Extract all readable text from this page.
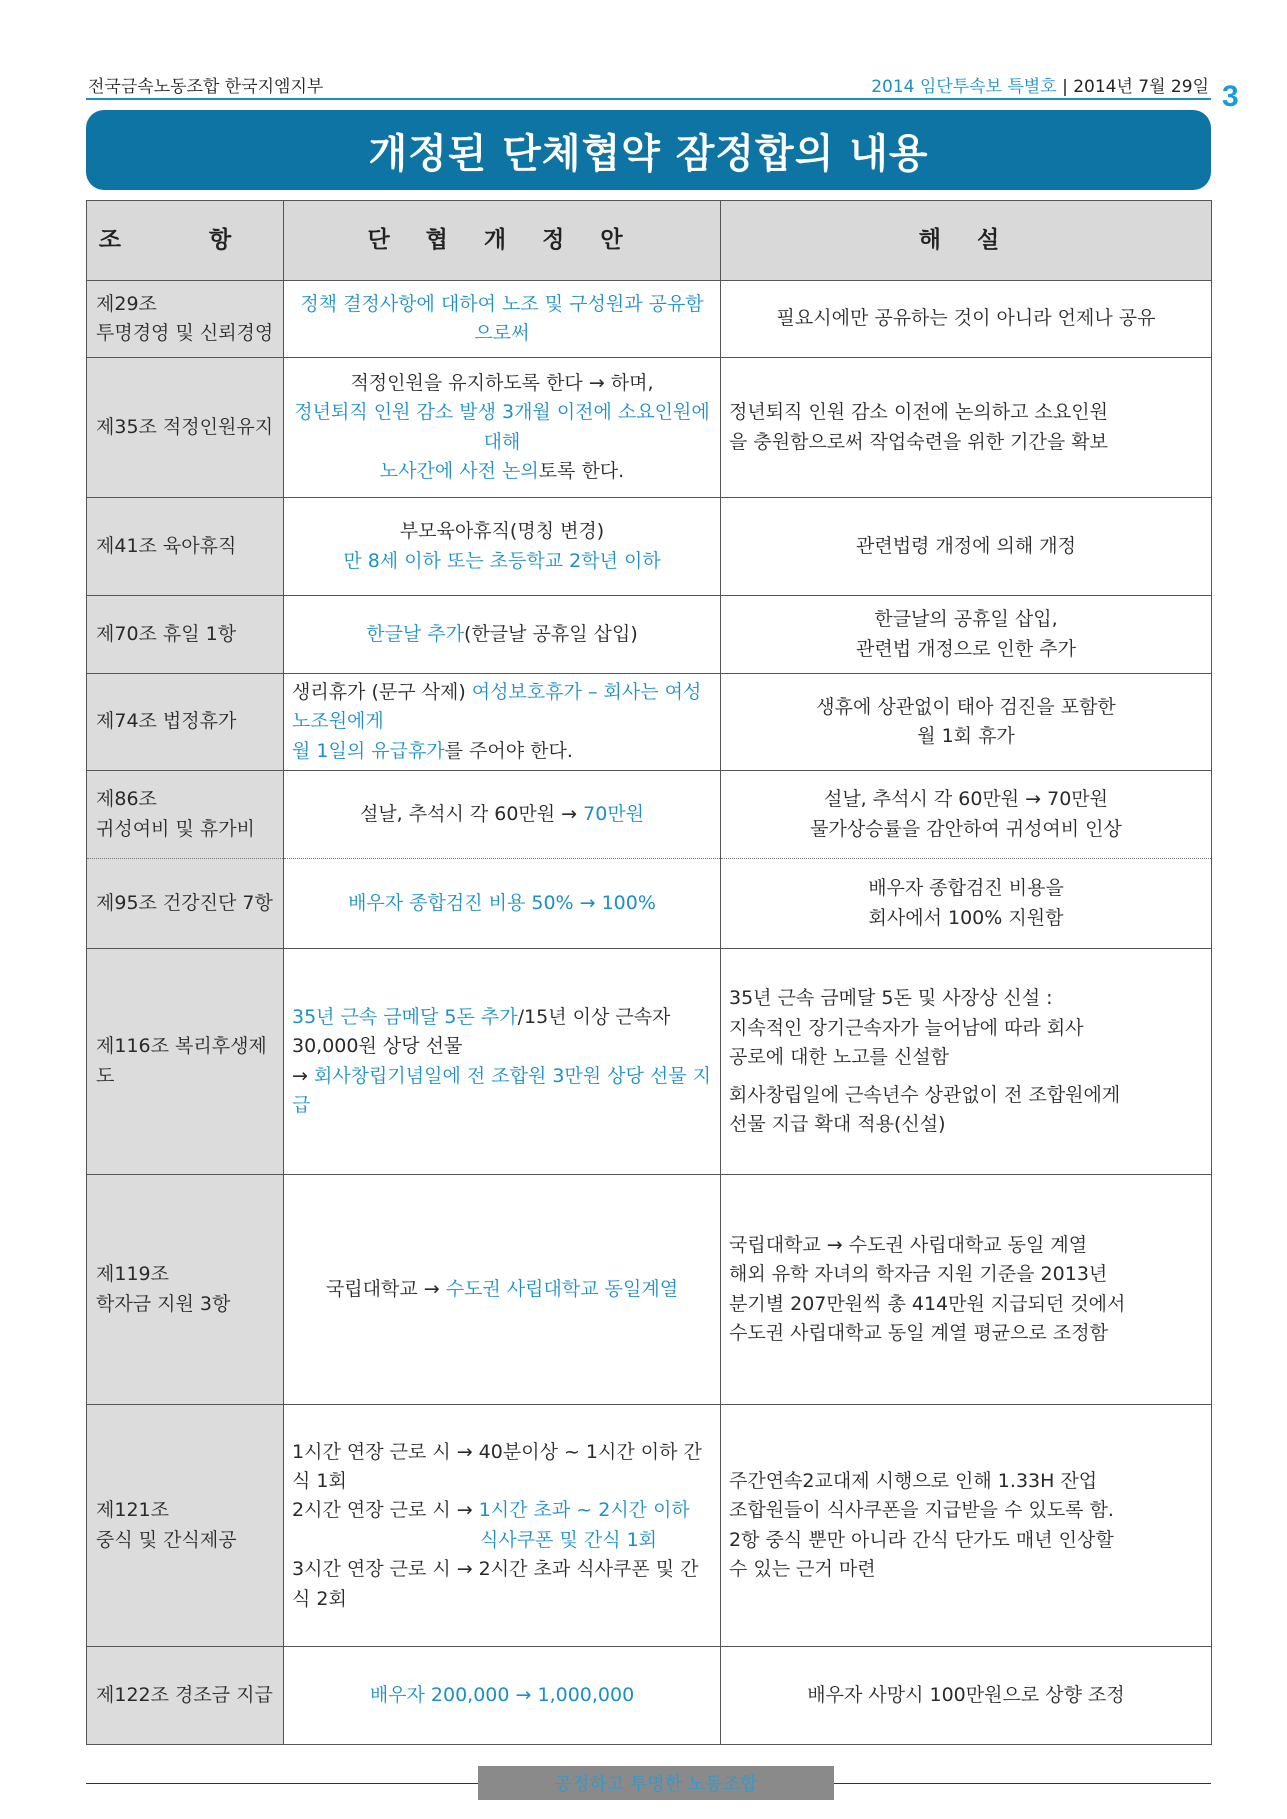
전국금속노동조합 한국지엠지부	2014 임단투속보 특별호 | 2014년 7월 29일 3
개정된 단체협약 잠정합의 내용
조 항	단 협 개 정 안	해 설

제29조
투명경영 및 신뢰경영	정책 결정사항에 대하여 노조 및 구성원과 공유함으로써	필요시에만 공유하는 것이 아니라 언제나 공유

제35조 적정인원유지	적정인원을 유지하도록 한다 → 하며,
정년퇴직 인원 감소 발생 3개월 이전에 소요인원에 대해
노사간에 사전 논의토록 한다.	정년퇴직 인원 감소 이전에 논의하고 소요인원
을 충원함으로써 작업숙련을 위한 기간을 확보

제41조 육아휴직	부모육아휴직(명칭 변경)
만 8세 이하 또는 초등학교 2학년 이하	관련법령 개정에 의해 개정

제70조 휴일 1항	한글날 추가(한글날 공휴일 삽입)	한글날의 공휴일 삽입,
관련법 개정으로 인한 추가

제74조 법정휴가	생리휴가 (문구 삭제) 여성보호휴가 – 회사는 여성 노조원에게
월 1일의 유급휴가를 주어야 한다.	생휴에 상관없이 태아 검진을 포함한
월 1회 휴가

제86조
귀성여비 및 휴가비	설날, 추석시 각 60만원 → 70만원	설날, 추석시 각 60만원 → 70만원
물가상승률을 감안하여 귀성여비 인상

제95조 건강진단 7항	배우자 종합검진 비용 50% → 100%	배우자 종합검진 비용을
회사에서 100% 지원함

제116조 복리후생제도	35년 근속 금메달 5돈 추가/15년 이상 근속자 30,000원 상당 선물
→ 회사창립기념일에 전 조합원 3만원 상당 선물 지급	35년 근속 금메달 5돈 및 사장상 신설 :
지속적인 장기근속자가 늘어남에 따라 회사
공로에 대한 노고를 신설함
회사창립일에 근속년수 상관없이 전 조합원에게
선물 지급 확대 적용(신설)

제119조
학자금 지원 3항	국립대학교 → 수도권 사립대학교 동일계열	국립대학교 → 수도권 사립대학교 동일 계열
해외 유학 자녀의 학자금 지원 기준을 2013년
분기별 207만원씩 총 414만원 지급되던 것에서
수도권 사립대학교 동일 계열 평균으로 조정함

제121조
중식 및 간식제공	1시간 연장 근로 시 → 40분이상 ~ 1시간 이하 간식 1회
2시간 연장 근로 시 → 1시간 초과 ~ 2시간 이하
식사쿠폰 및 간식 1회
3시간 연장 근로 시 → 2시간 초과 식사쿠폰 및 간식 2회	주간연속2교대제 시행으로 인해 1.33H 잔업
조합원들이 식사쿠폰을 지급받을 수 있도록 함.
2항 중식 뿐만 아니라 간식 단가도 매년 인상할
수 있는 근거 마련

제122조 경조금 지급	배우자 200,000 → 1,000,000	배우자 사망시 100만원으로 상향 조정
공정하고 투명한 노동조합
